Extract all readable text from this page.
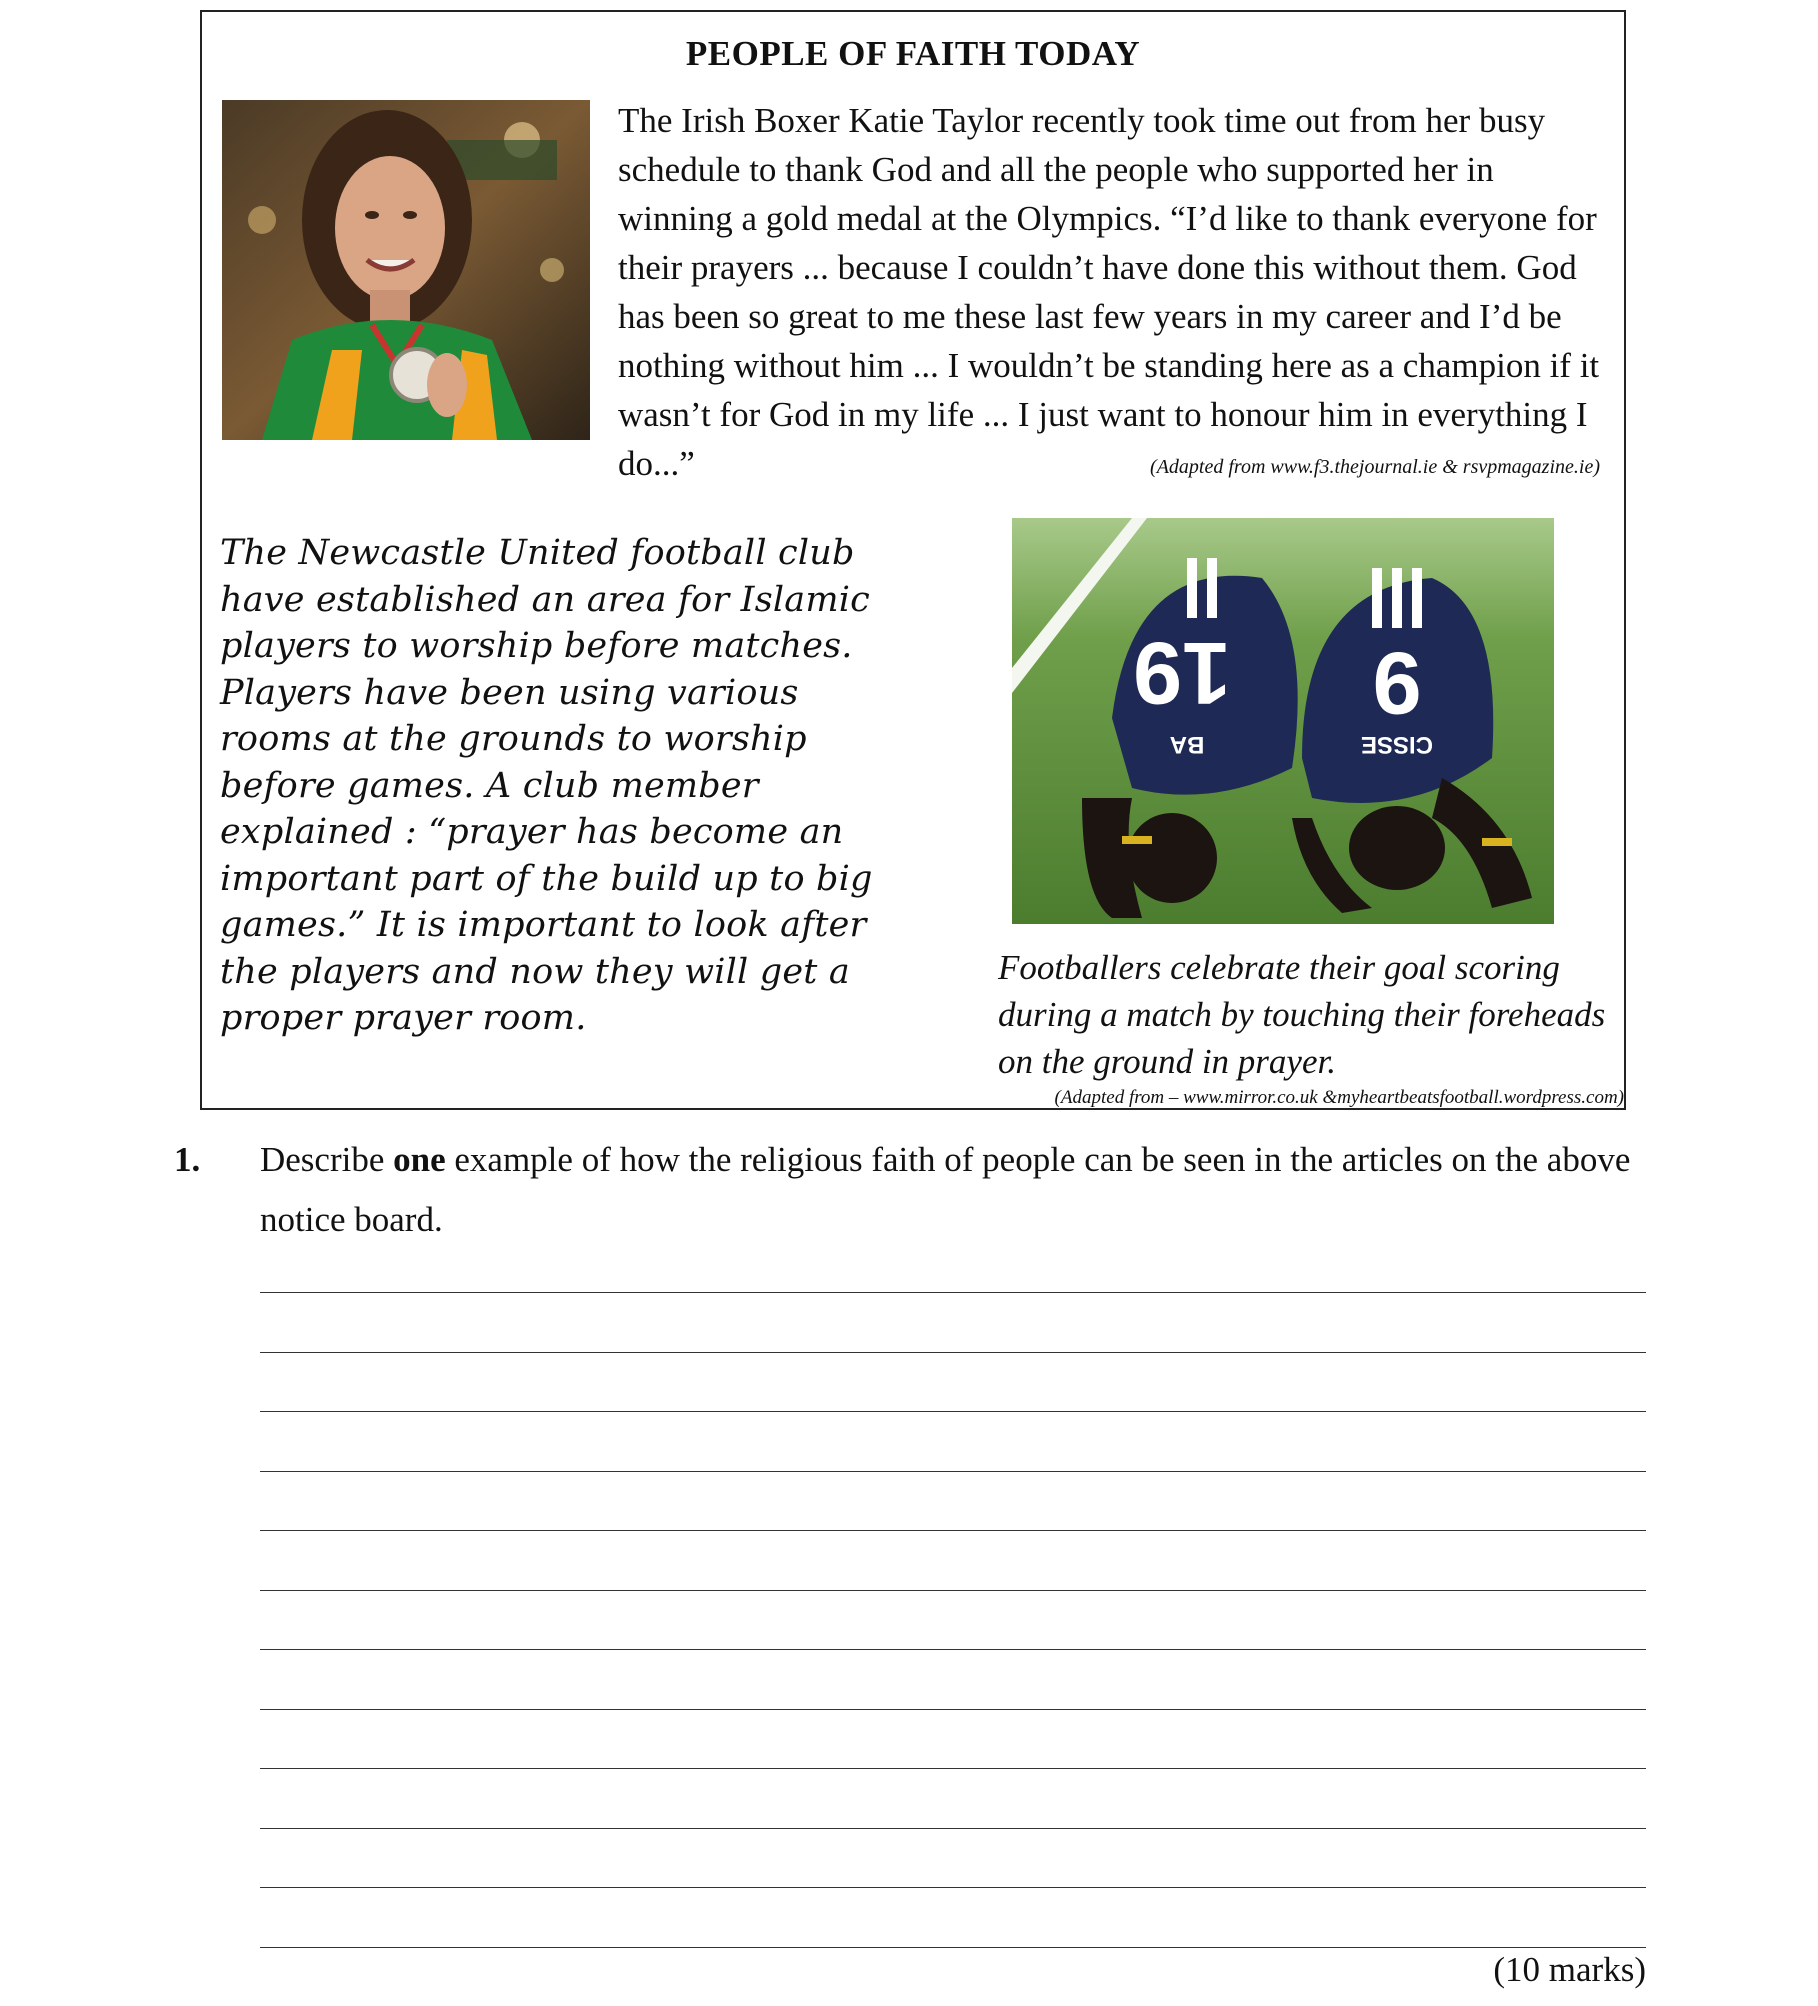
PEOPLE OF FAITH TODAY
The Irish Boxer Katie Taylor recently took time out from her busy schedule to thank God and all the people who supported her in winning a gold medal at the Olympics. “I’d like to thank everyone for their prayers ... because I couldn’t have done this without them. God has been so great to me these last few years in my career and I’d be nothing without him ... I wouldn’t be standing here as a champion if it wasn’t for God in my life ... I just want to honour him in everything I do...”	(Adapted from www.f3.thejournal.ie & rsvpmagazine.ie)
The Newcastle United football club have established an area for Islamic players to worship before matches. Players have been using various rooms at the grounds to worship before games. A club member explained : “prayer has become an important part of the build up to big games.” It is important to look after the players and now they will get a proper prayer room.
19
BA
9
CISSE
Footballers celebrate their goal scoring during a match by touching their foreheads on the ground in prayer.
(Adapted from – www.mirror.co.uk &myheartbeatsfootball.wordpress.com)
1. Describe one example of how the religious faith of people can be seen in the articles on the above notice board.
(10 marks)
